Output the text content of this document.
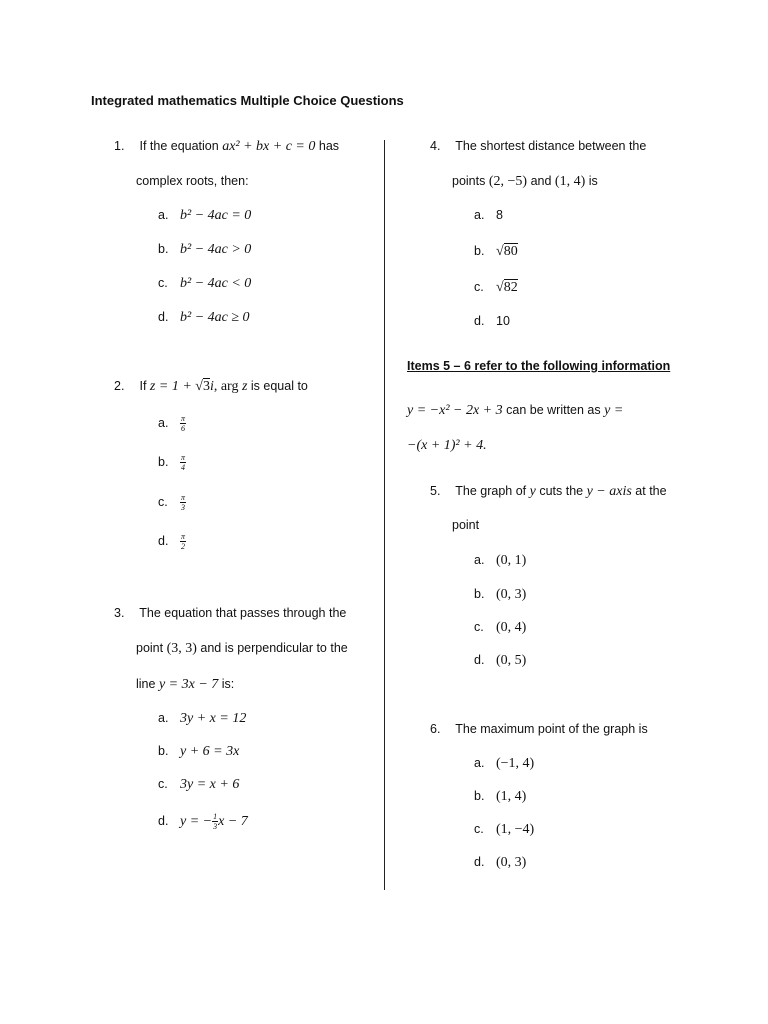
Integrated mathematics Multiple Choice Questions
1. If the equation ax² + bx + c = 0 has
complex roots, then:
a. b² − 4ac = 0
b. b² − 4ac > 0
c. b² − 4ac < 0
d. b² − 4ac ≥ 0
2. If z = 1 + √3i, arg z is equal to
a. $\frac{\pi}{6}$
b. $\frac{\pi}{4}$
c. $\frac{\pi}{3}$
d. $\frac{\pi}{2}$
3. The equation that passes through the
point (3, 3) and is perpendicular to the
line y = 3x − 7 is:
a. 3y + x = 12
b. y + 6 = 3x
c. 3y = x + 6
d. y = − $\frac{1}{3}$ x − 7
4. The shortest distance between the
points (2, −5) and (1, 4) is
a. 8
b. √80
c. √82
d. 10
Items 5 – 6 refer to the following information
y = −x² − 2x + 3 can be written as y =
−(x + 1)² + 4.
5. The graph of y cuts the y − axis at the
point
a. (0, 1)
b. (0, 3)
c. (0, 4)
d. (0, 5)
6. The maximum point of the graph is
a. (−1, 4)
b. (1, 4)
c. (1, −4)
d. (0, 3)
